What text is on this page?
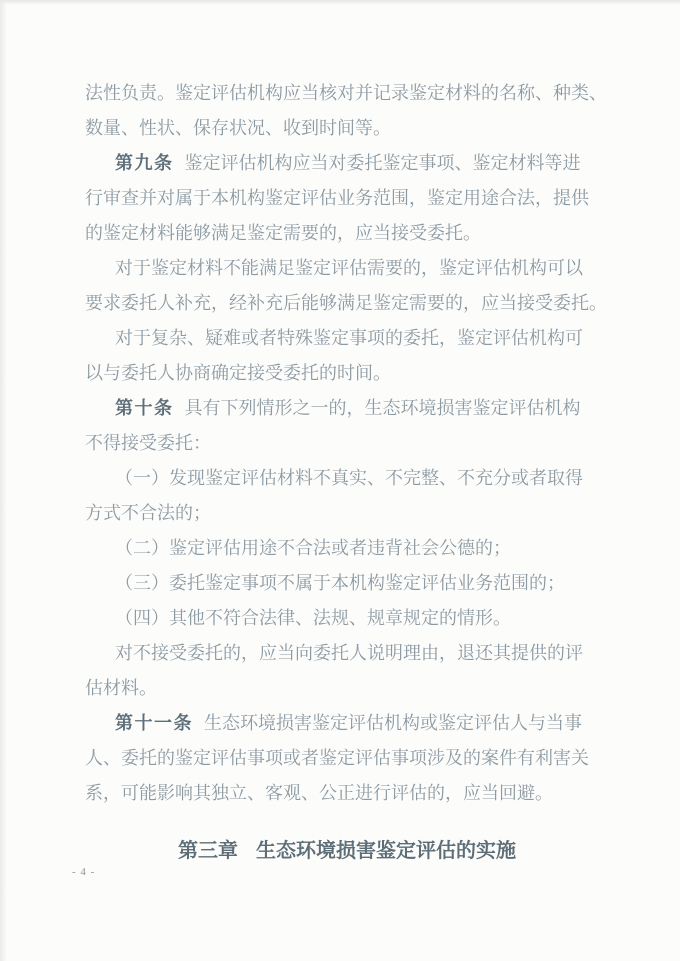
法性负责。鉴定评估机构应当核对并记录鉴定材料的名称、种类、
数量、性状、保存状况、收到时间等。
第九条 鉴定评估机构应当对委托鉴定事项、鉴定材料等进
行审查并对属于本机构鉴定评估业务范围，鉴定用途合法，提供
的鉴定材料能够满足鉴定需要的，应当接受委托。
对于鉴定材料不能满足鉴定评估需要的，鉴定评估机构可以
要求委托人补充，经补充后能够满足鉴定需要的，应当接受委托。
对于复杂、疑难或者特殊鉴定事项的委托，鉴定评估机构可
以与委托人协商确定接受委托的时间。
第十条 具有下列情形之一的，生态环境损害鉴定评估机构
不得接受委托：
（一）发现鉴定评估材料不真实、不完整、不充分或者取得
方式不合法的；
（二）鉴定评估用途不合法或者违背社会公德的；
（三）委托鉴定事项不属于本机构鉴定评估业务范围的；
（四）其他不符合法律、法规、规章规定的情形。
对不接受委托的，应当向委托人说明理由，退还其提供的评
估材料。
第十一条 生态环境损害鉴定评估机构或鉴定评估人与当事
人、委托的鉴定评估事项或者鉴定评估事项涉及的案件有利害关
系，可能影响其独立、客观、公正进行评估的，应当回避。
第三章 生态环境损害鉴定评估的实施
- 4 -
